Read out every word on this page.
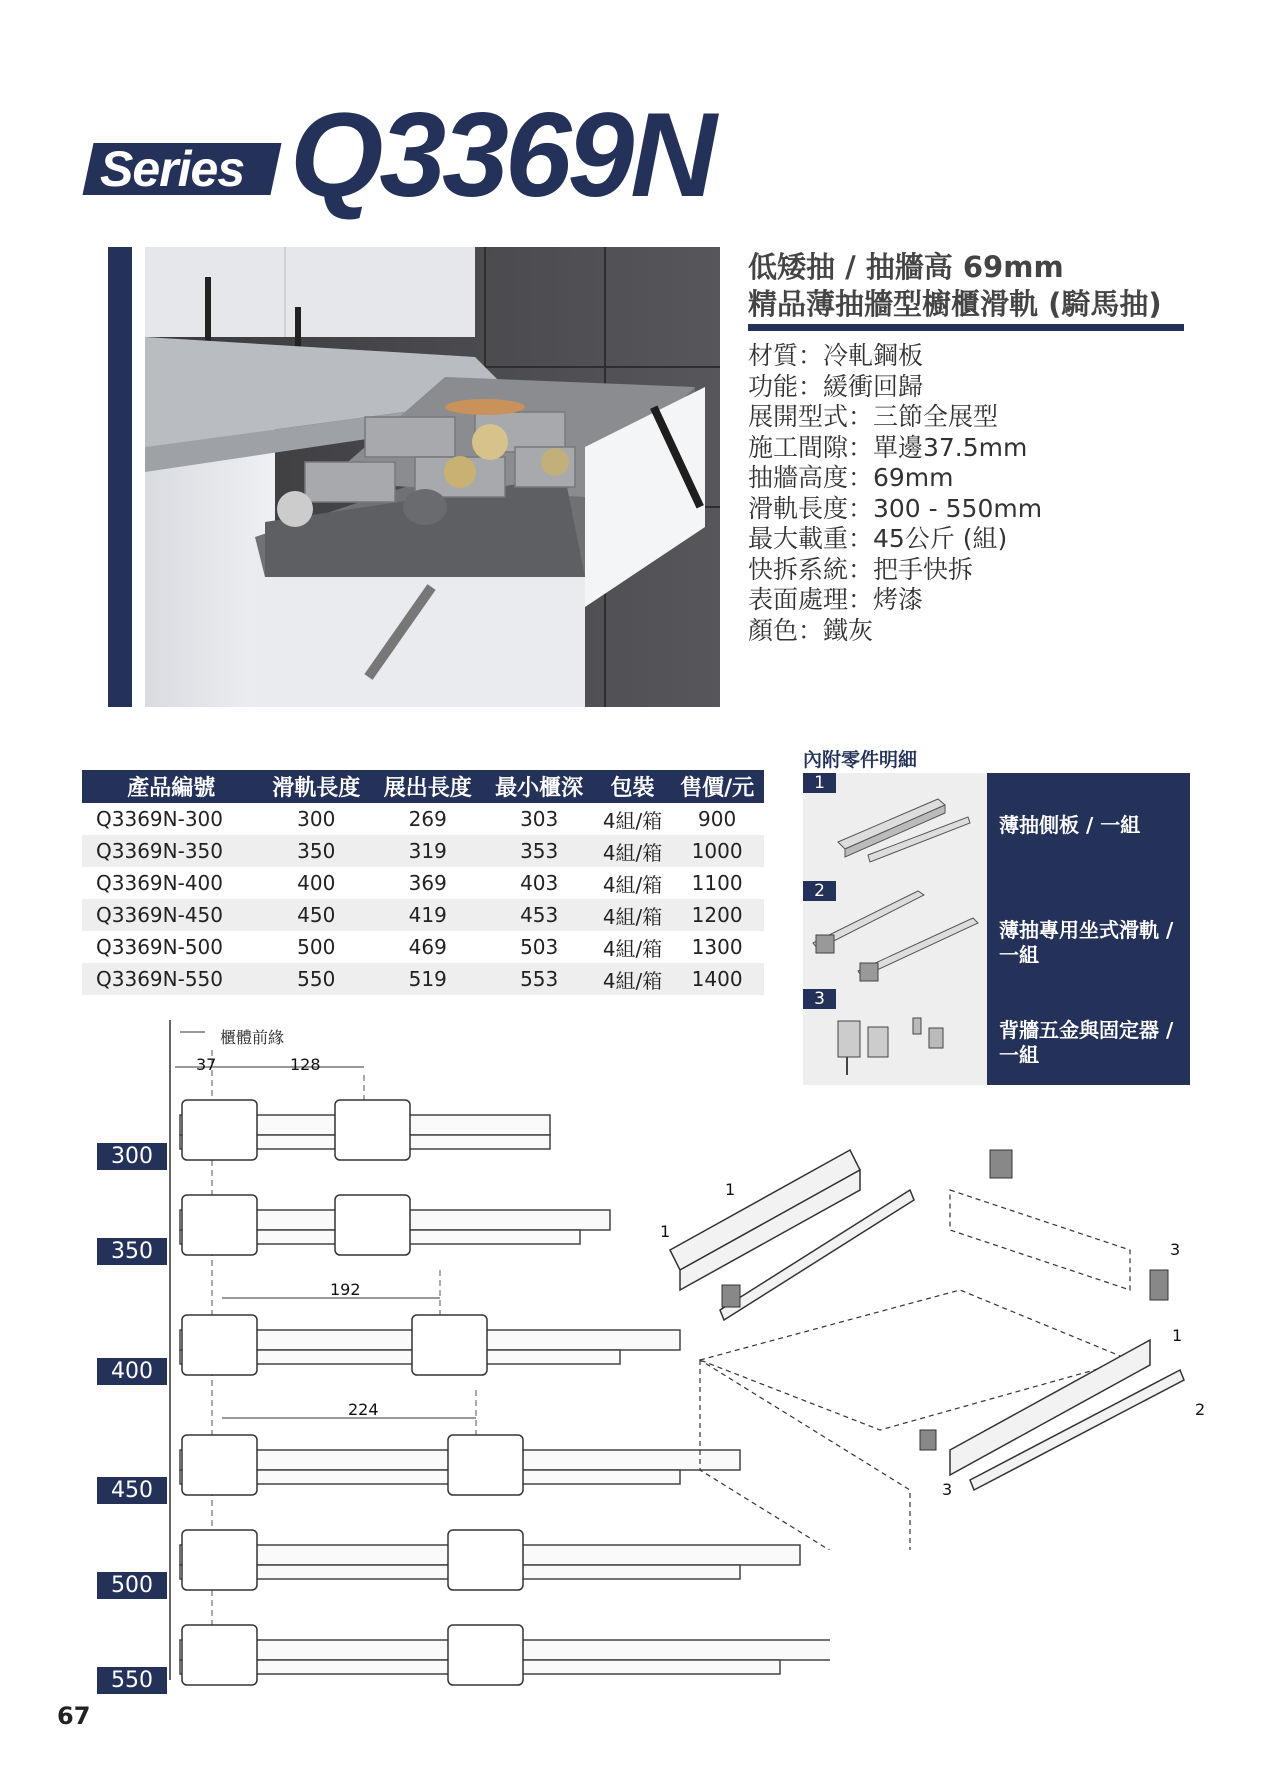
Series Q3369N
低矮抽 / 抽牆高 69mm
精品薄抽牆型櫥櫃滑軌 (騎馬抽)
材質：冷軋鋼板
功能：緩衝回歸
展開型式：三節全展型
施工間隙：單邊37.5mm
抽牆高度：69mm
滑軌長度：300 - 550mm
最大載重：45公斤 (組)
快拆系統：把手快拆
表面處理：烤漆
顏色：鐵灰
產品編號	滑軌長度	展出長度	最小櫃深	包裝	售價/元
Q3369N-300	300	269	303	4組/箱	900
Q3369N-350	350	319	353	4組/箱	1000
Q3369N-400	400	369	403	4組/箱	1100
Q3369N-450	450	419	453	4組/箱	1200
Q3369N-500	500	469	503	4組/箱	1300
Q3369N-550	550	519	553	4組/箱	1400
內附零件明細
1
2
3
薄抽側板 / 一組
薄抽專用坐式滑軌 / 一組
背牆五金與固定器 / 一組
櫃體前緣
37	128
192
224
300
350
400
450
500
550
1
1
1
2
3
3
67
